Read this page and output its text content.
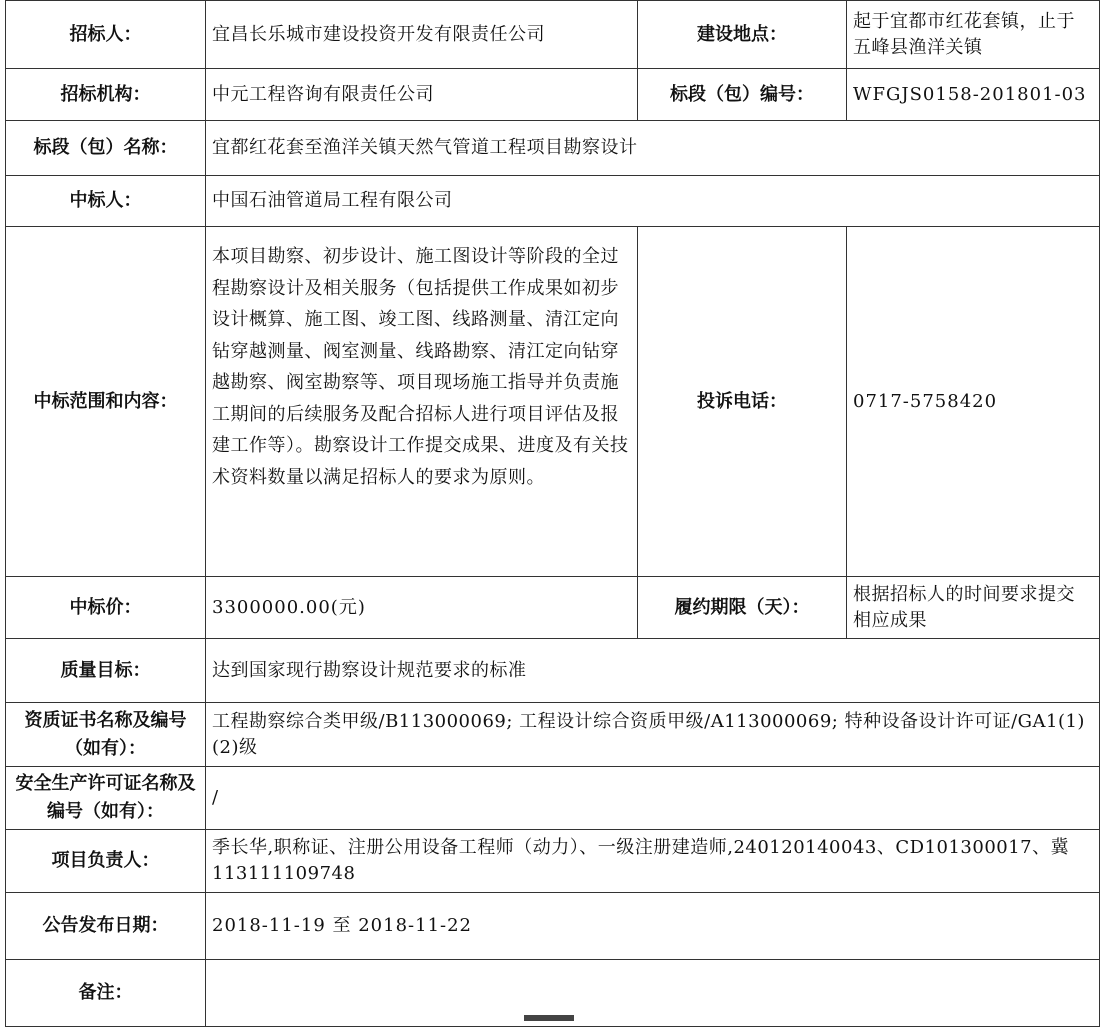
招标人：	宜昌长乐城市建设投资开发有限责任公司	建设地点：	起于宜都市红花套镇，止于五峰县渔洋关镇
招标机构：	中元工程咨询有限责任公司	标段（包）编号：	WFGJS0158-201801-03
标段（包）名称：	宜都红花套至渔洋关镇天然气管道工程项目勘察设计		
中标人：	中国石油管道局工程有限公司		
中标范围和内容：	本项目勘察、初步设计、施工图设计等阶段的全过程勘察设计及相关服务（包括提供工作成果如初步设计概算、施工图、竣工图、线路测量、清江定向钻穿越测量、阀室测量、线路勘察、清江定向钻穿越勘察、阀室勘察等、项目现场施工指导并负责施工期间的后续服务及配合招标人进行项目评估及报建工作等）。勘察设计工作提交成果、进度及有关技术资料数量以满足招标人的要求为原则。	投诉电话：	0717-5758420
中标价：	3300000.00(元)	履约期限（天）：	根据招标人的时间要求提交相应成果
质量目标：	达到国家现行勘察设计规范要求的标准		
资质证书名称及编号（如有）：	工程勘察综合类甲级/B113000069; 工程设计综合资质甲级/A113000069; 特种设备设计许可证/GA1(1)(2)级		
安全生产许可证名称及编号（如有）：	/		
项目负责人：	季长华,职称证、注册公用设备工程师（动力）、一级注册建造师,240120140043、CD101300017、冀 113111109748		
公告发布日期：	2018-11-19 至 2018-11-22		
备注：			
